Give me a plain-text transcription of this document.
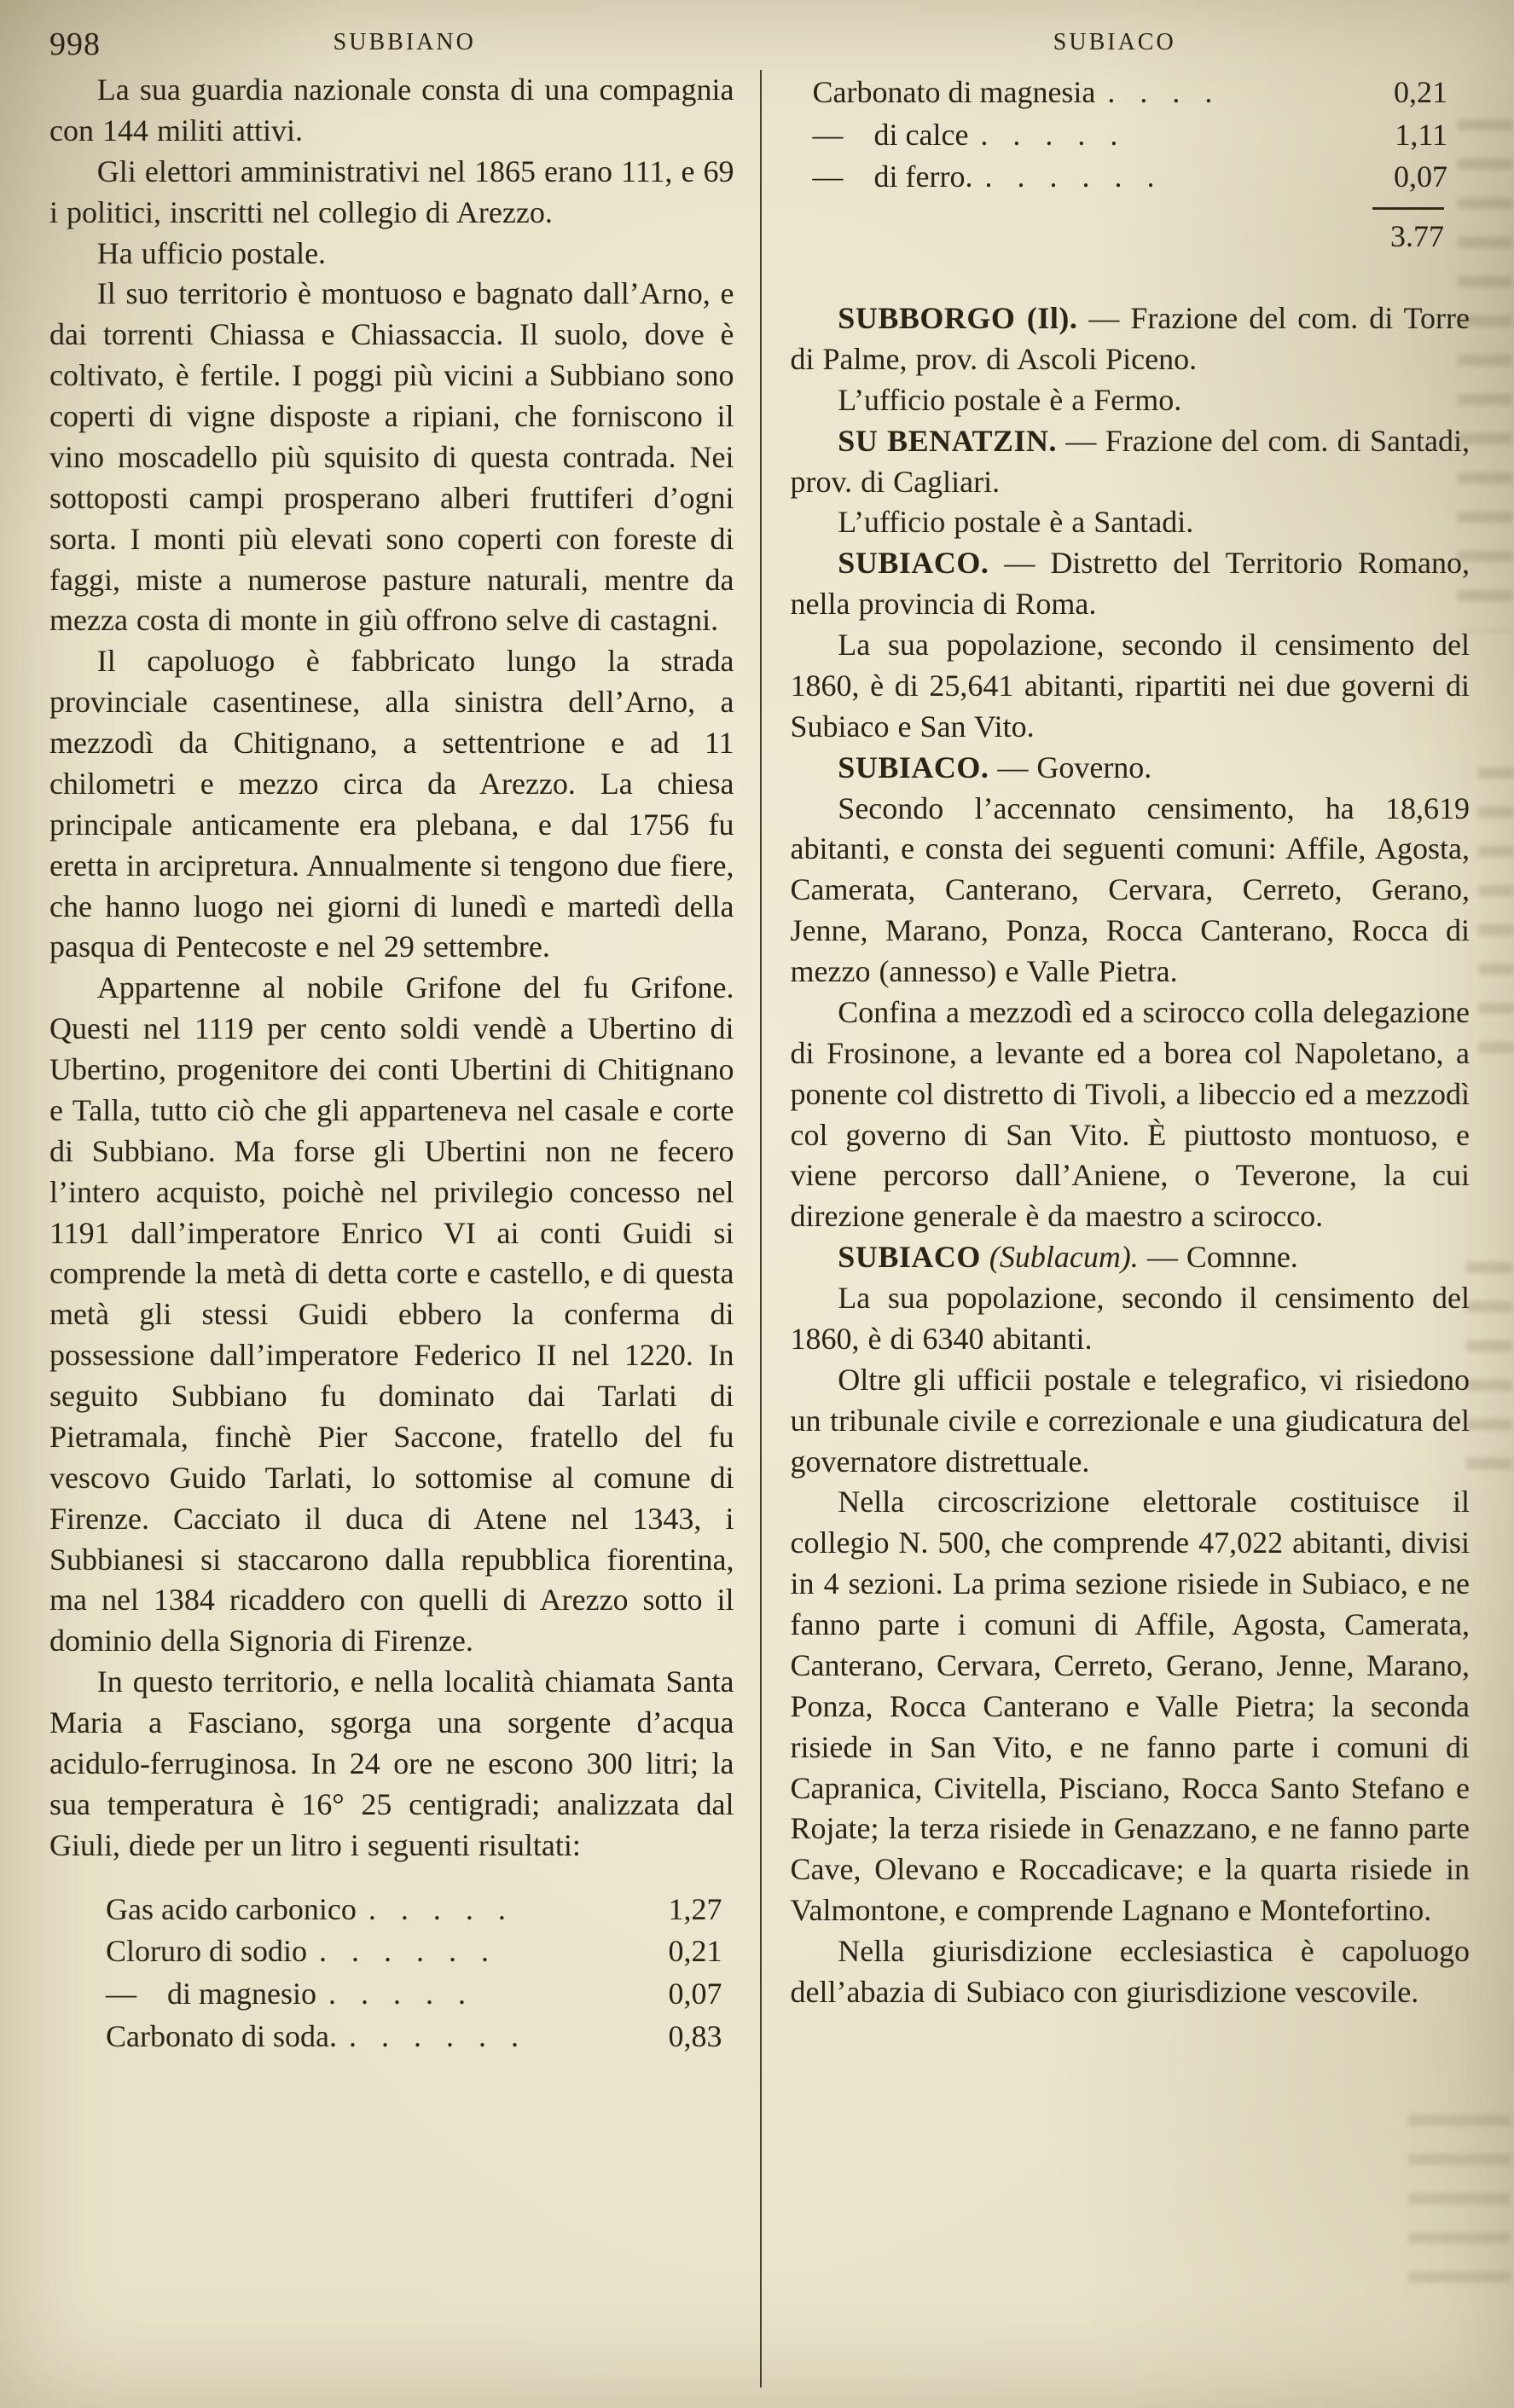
998	SUBBIANO	SUBIACO

La sua guardia nazionale consta di una compagnia con 144 militi attivi.

Gli elettori amministrativi nel 1865 erano 111, e 69 i politici, inscritti nel collegio di Arezzo.

Ha ufficio postale.

Il suo territorio è montuoso e bagnato dall’Arno, e dai torrenti Chiassa e Chiassaccia. Il suolo, dove è coltivato, è fertile. I poggi più vicini a Subbiano sono coperti di vigne disposte a ripiani, che forniscono il vino moscadello più squisito di questa contrada. Nei sottoposti campi prosperano alberi fruttiferi d’ogni sorta. I monti più elevati sono coperti con foreste di faggi, miste a numerose pasture naturali, mentre da mezza costa di monte in giù offrono selve di castagni.

Il capoluogo è fabbricato lungo la strada provinciale casentinese, alla sinistra dell’Arno, a mezzodì da Chitignano, a settentrione e ad 11 chilometri e mezzo circa da Arezzo. La chiesa principale anticamente era plebana, e dal 1756 fu eretta in arcipretura. Annualmente si tengono due fiere, che hanno luogo nei giorni di lunedì e martedì della pasqua di Pentecoste e nel 29 settembre.

Appartenne al nobile Grifone del fu Grifone. Questi nel 1119 per cento soldi vendè a Ubertino di Ubertino, progenitore dei conti Ubertini di Chitignano e Talla, tutto ciò che gli apparteneva nel casale e corte di Subbiano. Ma forse gli Ubertini non ne fecero l’intero acquisto, poichè nel privilegio concesso nel 1191 dall’imperatore Enrico VI ai conti Guidi si comprende la metà di detta corte e castello, e di questa metà gli stessi Guidi ebbero la conferma di possessione dall’imperatore Federico II nel 1220. In seguito Subbiano fu dominato dai Tarlati di Pietramala, finchè Pier Saccone, fratello del fu vescovo Guido Tarlati, lo sottomise al comune di Firenze. Cacciato il duca di Atene nel 1343, i Subbianesi si staccarono dalla repubblica fiorentina, ma nel 1384 ricaddero con quelli di Arezzo sotto il dominio della Signoria di Firenze.

In questo territorio, e nella località chiamata Santa Maria a Fasciano, sgorga una sorgente d’acqua acidulo-ferruginosa. In 24 ore ne escono 300 litri; la sua temperatura è 16° 25 centigradi; analizzata dal Giuli, diede per un litro i seguenti risultati:

Gas acido carbonico . . . . .	1,27
Cloruro di sodio . . . . . .	0,21
—    di magnesio . . . . .	0,07
Carbonato di soda. . . . . . .	0,83
Carbonato di magnesia . . . .	0,21
—    di calce . . . . .	1,11
—    di ferro. . . . . . .	0,07
3.77

SUBBORGO (Il). — Frazione del com. di Torre di Palme, prov. di Ascoli Piceno.

L’ufficio postale è a Fermo.

SU BENATZIN. — Frazione del com. di Santadi, prov. di Cagliari.

L’ufficio postale è a Santadi.

SUBIACO. — Distretto del Territorio Romano, nella provincia di Roma.

La sua popolazione, secondo il censimento del 1860, è di 25,641 abitanti, ripartiti nei due governi di Subiaco e San Vito.

SUBIACO. — Governo.

Secondo l’accennato censimento, ha 18,619 abitanti, e consta dei seguenti comuni: Affile, Agosta, Camerata, Canterano, Cervara, Cerreto, Gerano, Jenne, Marano, Ponza, Rocca Canterano, Rocca di mezzo (annesso) e Valle Pietra.

Confina a mezzodì ed a scirocco colla delegazione di Frosinone, a levante ed a borea col Napoletano, a ponente col distretto di Tivoli, a libeccio ed a mezzodì col governo di San Vito. È piuttosto montuoso, e viene percorso dall’Aniene, o Teverone, la cui direzione generale è da maestro a scirocco.

SUBIACO (Sublacum). — Comnne.

La sua popolazione, secondo il censimento del 1860, è di 6340 abitanti.

Oltre gli ufficii postale e telegrafico, vi risiedono un tribunale civile e correzionale e una giudicatura del governatore distrettuale.

Nella circoscrizione elettorale costituisce il collegio N. 500, che comprende 47,022 abitanti, divisi in 4 sezioni. La prima sezione risiede in Subiaco, e ne fanno parte i comuni di Affile, Agosta, Camerata, Canterano, Cervara, Cerreto, Gerano, Jenne, Marano, Ponza, Rocca Canterano e Valle Pietra; la seconda risiede in San Vito, e ne fanno parte i comuni di Capranica, Civitella, Pisciano, Rocca Santo Stefano e Rojate; la terza risiede in Genazzano, e ne fanno parte Cave, Olevano e Roccadicave; e la quarta risiede in Valmontone, e comprende Lagnano e Montefortino.

Nella giurisdizione ecclesiastica è capoluogo dell’abazia di Subiaco con giurisdizione vescovile.
